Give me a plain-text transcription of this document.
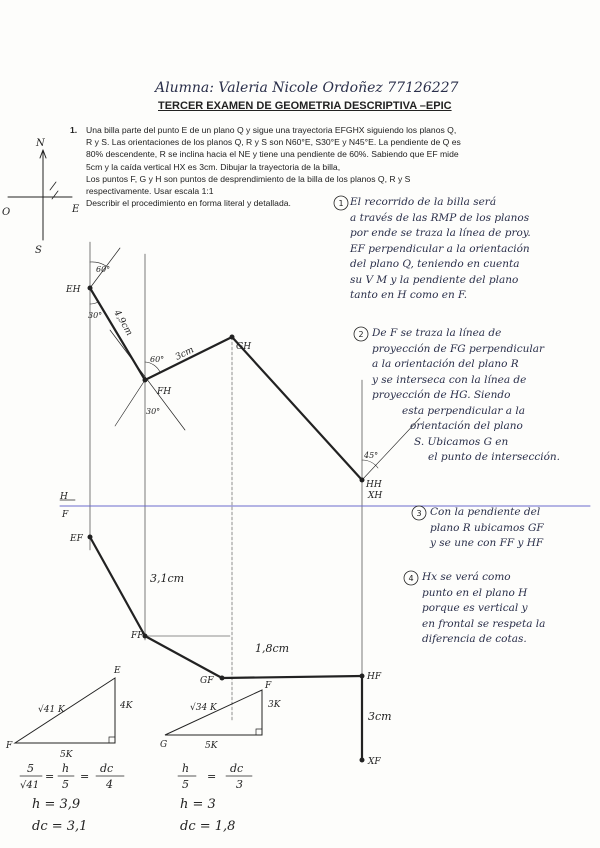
Alumna: Valeria Nicole Ordoñez 77126227
TERCER EXAMEN DE GEOMETRIA DESCRIPTIVA –EPIC
1. Una billa parte del punto E de un plano Q y sigue una trayectoria EFGHX siguiendo los planos Q,

R y S. Las orientaciones de los planos Q, R y S son N60°E, S30°E y N45°E. La pendiente de Q es

80% descendente, R se inclina hacia el NE y tiene una pendiente de 60%. Sabiendo que EF mide

5cm y la caída vertical HX es 3cm. Dibujar la trayectoria de la billa,

Los puntos F, G y H son puntos de desprendimiento de la billa de los planos Q, R y S

respectivamente. Usar escala 1:1

Describir el procedimiento en forma literal y detallada.

N
S
O	E
EH
FH
GH
HH
XH
60°
30°
60°
30°
45°
4,9cm
3cm
H
F
EF
FF
GF	HF
XF
3,1cm
1,8cm
3cm
√41 K	4K
5K
E
F
√34 K	3K
5K
F
G
5
√41
=
h
5
=
dc
4
h = 3,9
dc = 3,1
h
5
=
dc
3
h = 3
dc = 1,8
1
2
3
4
El recorrido de la billa será
a través de las RMP de los planos
por ende se traza la línea de proy.
EF perpendicular a la orientación
del plano Q, teniendo en cuenta
su V M y la pendiente del plano
tanto en H como en F.
De F se traza la línea de
proyección de FG perpendicular
a la orientación del plano R
y se interseca con la línea de
proyección de HG. Siendo
esta perpendicular a la
orientación del plano
S. Ubicamos G en
el punto de intersección.
Con la pendiente del
plano R ubicamos GF
y se une con FF y HF
Hx se verá como
punto en el plano H
porque es vertical y
en frontal se respeta la
diferencia de cotas.
